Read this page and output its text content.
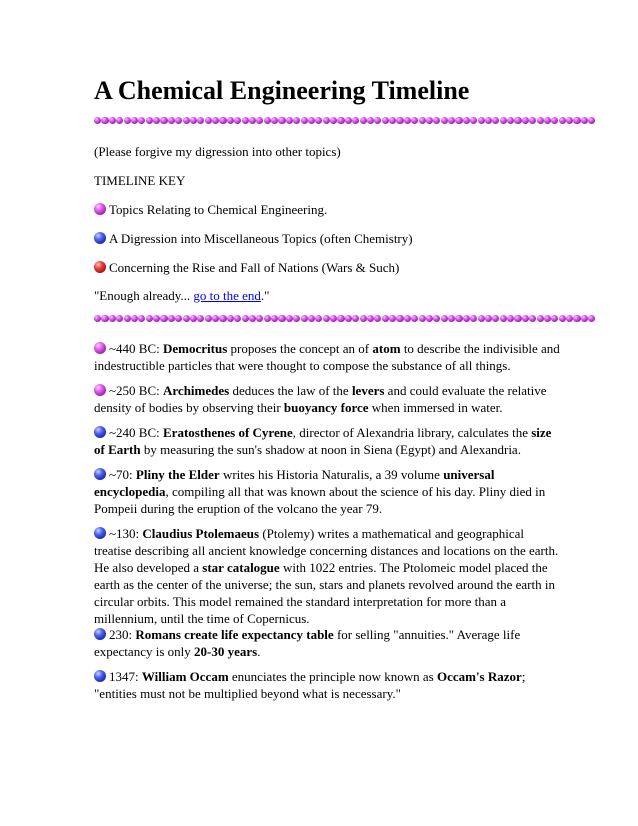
A Chemical Engineering Timeline
(Please forgive my digression into other topics)
TIMELINE KEY
Topics Relating to Chemical Engineering.
A Digression into Miscellaneous Topics (often Chemistry)
Concerning the Rise and Fall of Nations (Wars & Such)
"Enough already... go to the end."
~440 BC: Democritus proposes the concept an of atom to describe the indivisible and
indestructible particles that were thought to compose the substance of all things.
~250 BC: Archimedes deduces the law of the levers and could evaluate the relative
density of bodies by observing their buoyancy force when immersed in water.
~240 BC: Eratosthenes of Cyrene, director of Alexandria library, calculates the size
of Earth by measuring the sun's shadow at noon in Siena (Egypt) and Alexandria.
~70: Pliny the Elder writes his Historia Naturalis, a 39 volume universal
encyclopedia, compiling all that was known about the science of his day. Pliny died in
Pompeii during the eruption of the volcano the year 79.
~130: Claudius Ptolemaeus (Ptolemy) writes a mathematical and geographical
treatise describing all ancient knowledge concerning distances and locations on the earth.
He also developed a star catalogue with 1022 entries. The Ptolomeic model placed the
earth as the center of the universe; the sun, stars and planets revolved around the earth in
circular orbits. This model remained the standard interpretation for more than a
millennium, until the time of Copernicus.
230: Romans create life expectancy table for selling "annuities." Average life
expectancy is only 20-30 years.
1347: William Occam enunciates the principle now known as Occam's Razor;
"entities must not be multiplied beyond what is necessary."
